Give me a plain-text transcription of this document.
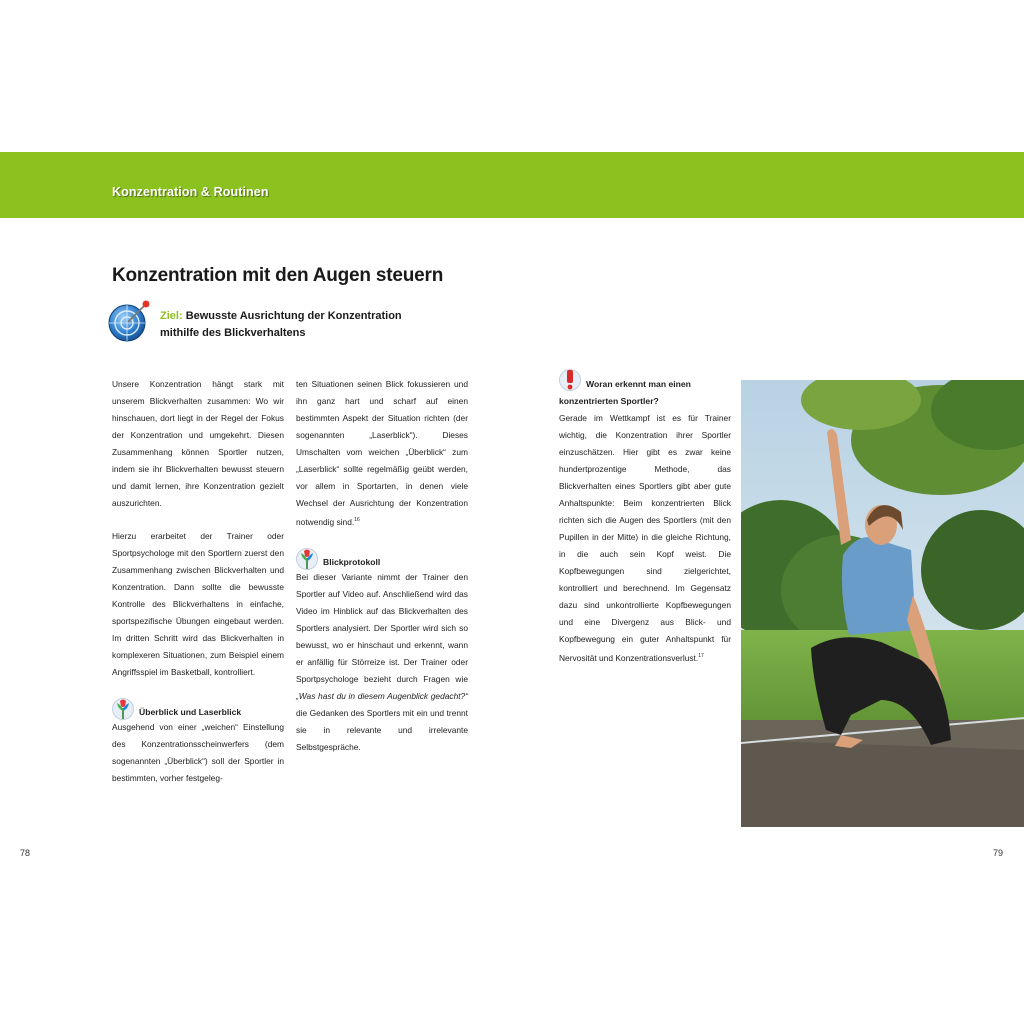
Konzentration & Routinen
Konzentration mit den Augen steuern
Ziel: Bewusste Ausrichtung der Konzentration
mithilfe des Blickverhaltens

Unsere Konzentration hängt stark mit unserem Blickverhalten zusammen: Wo wir hinschauen, dort liegt in der Regel der Fokus der Konzentration und umgekehrt. Diesen Zusammenhang können Sportler nutzen, indem sie ihr Blickverhalten bewusst steuern und damit lernen, ihre Konzentration gezielt auszurichten.

Hierzu erarbeitet der Trainer oder Sportpsychologe mit den Sportlern zuerst den Zusammenhang zwischen Blickverhalten und Konzentration. Dann sollte die bewusste Kontrolle des Blickverhaltens in einfache, sportspezifische Übungen eingebaut werden. Im dritten Schritt wird das Blickverhalten in komplexeren Situationen, zum Beispiel einem Angriffsspiel im Basketball, kontrolliert.

Überblick und Laserblick

Ausgehend von einer „weichen“ Einstellung des Konzentrationsscheinwerfers (dem sogenannten „Überblick“) soll der Sportler in bestimmten, vorher festgeleg-

ten Situationen seinen Blick fokussieren und ihn ganz hart und scharf auf einen bestimmten Aspekt der Situation richten (der sogenannten „Laserblick“). Dieses Umschalten vom weichen „Überblick“ zum „Laserblick“ sollte regelmäßig geübt werden, vor allem in Sportarten, in denen viele Wechsel der Ausrichtung der Konzentration notwendig sind.$^{16}$

Blickprotokoll

Bei dieser Variante nimmt der Trainer den Sportler auf Video auf. Anschließend wird das Video im Hinblick auf das Blickverhalten des Sportlers analysiert. Der Sportler wird sich so bewusst, wo er hinschaut und erkennt, wann er anfällig für Störreize ist. Der Trainer oder Sportpsychologe bezieht durch Fragen wie „Was hast du in diesem Augenblick gedacht?“ die Gedanken des Sportlers mit ein und trennt sie in relevante und irrelevante Selbstgespräche.

Woran erkennt man einen
konzentrierten Sportler?

Gerade im Wettkampf ist es für Trainer wichtig, die Konzentration ihrer Sportler einzuschätzen. Hier gibt es zwar keine hundertprozentige Methode, das Blickverhalten eines Sportlers gibt aber gute Anhaltspunkte: Beim konzentrierten Blick richten sich die Augen des Sportlers (mit den Pupillen in der Mitte) in die gleiche Richtung, in die auch sein Kopf weist. Die Kopfbewegungen sind zielgerichtet, kontrolliert und berechnend. Im Gegensatz dazu sind unkontrollierte Kopfbewegungen und eine Divergenz aus Blick- und Kopfbewegung ein guter Anhaltspunkt für Nervosität und Konzentrationsverlust.$^{17}$

78	79
